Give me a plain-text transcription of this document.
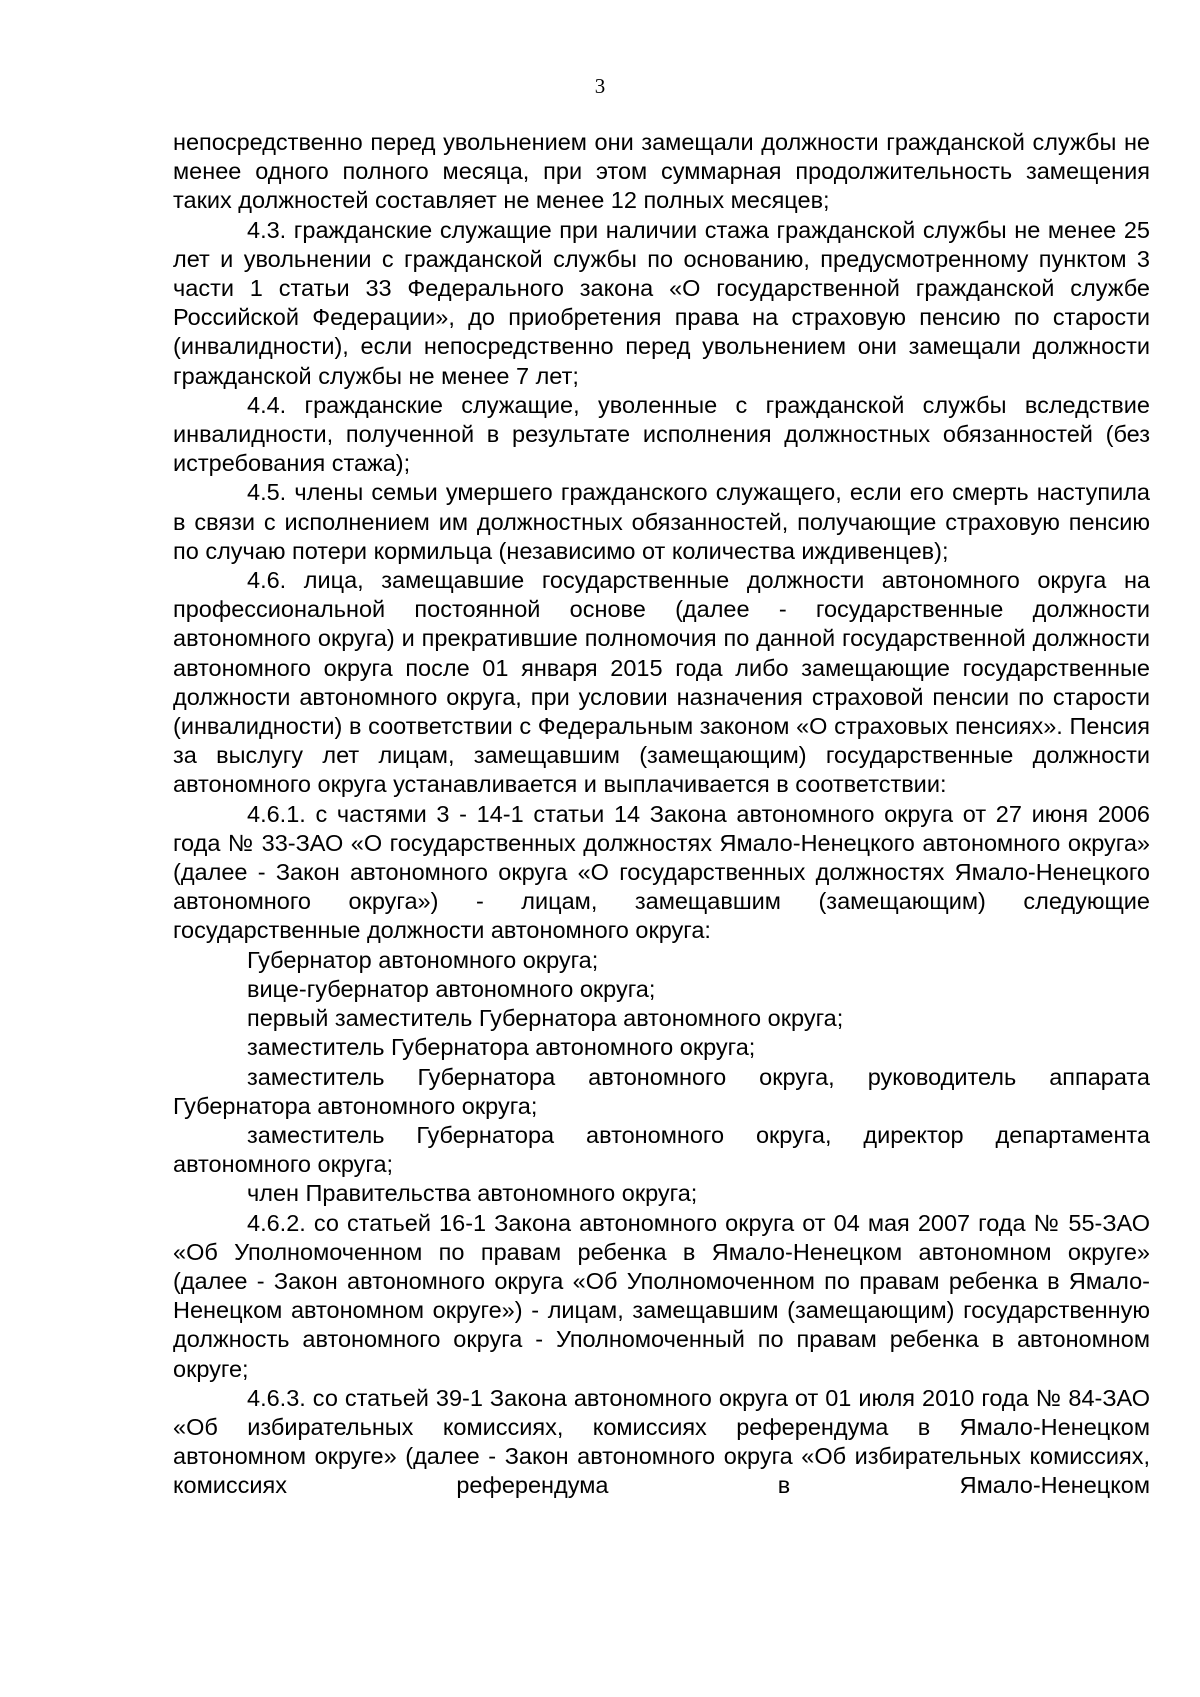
3

непосредственно перед увольнением они замещали должности гражданской службы не менее одного полного месяца, при этом суммарная продолжительность замещения таких должностей составляет не менее 12 полных месяцев;

4.3. гражданские служащие при наличии стажа гражданской службы не менее 25 лет и увольнении с гражданской службы по основанию, предусмотренному пунктом 3 части 1 статьи 33 Федерального закона «О государственной гражданской службе Российской Федерации», до приобретения права на страховую пенсию по старости (инвалидности), если непосредственно перед увольнением они замещали должности гражданской службы не менее 7 лет;

4.4. гражданские служащие, уволенные с гражданской службы вследствие инвалидности, полученной в результате исполнения должностных обязанностей (без истребования стажа);

4.5. члены семьи умершего гражданского служащего, если его смерть наступила в связи с исполнением им должностных обязанностей, получающие страховую пенсию по случаю потери кормильца (независимо от количества иждивенцев);

4.6. лица, замещавшие государственные должности автономного округа на профессиональной постоянной основе (далее - государственные должности автономного округа) и прекратившие полномочия по данной государственной должности автономного округа после 01 января 2015 года либо замещающие государственные должности автономного округа, при условии назначения страховой пенсии по старости (инвалидности) в соответствии с Федеральным законом «О страховых пенсиях». Пенсия за выслугу лет лицам, замещавшим (замещающим) государственные должности автономного округа устанавливается и выплачивается в соответствии:

4.6.1. с частями 3 - 14-1 статьи 14 Закона автономного округа от 27 июня 2006 года № 33-ЗАО «О государственных должностях Ямало-Ненецкого автономного округа» (далее - Закон автономного округа «О государственных должностях Ямало-Ненецкого автономного округа») - лицам, замещавшим (замещающим) следующие государственные должности автономного округа:

Губернатор автономного округа;

вице-губернатор автономного округа;

первый заместитель Губернатора автономного округа;

заместитель Губернатора автономного округа;

заместитель Губернатора автономного округа, руководитель аппарата Губернатора автономного округа;

заместитель Губернатора автономного округа, директор департамента автономного округа;

член Правительства автономного округа;

4.6.2. со статьей 16-1 Закона автономного округа от 04 мая 2007 года № 55-ЗАО «Об Уполномоченном по правам ребенка в Ямало-Ненецком автономном округе» (далее - Закон автономного округа «Об Уполномоченном по правам ребенка в Ямало-Ненецком автономном округе») - лицам, замещавшим (замещающим) государственную должность автономного округа - Уполномоченный по правам ребенка в автономном округе;

4.6.3. со статьей 39-1 Закона автономного округа от 01 июля 2010 года № 84-ЗАО «Об избирательных комиссиях, комиссиях референдума в Ямало-Ненецком автономном округе» (далее - Закон автономного округа «Об избирательных комиссиях, комиссиях референдума в Ямало-Ненецком
